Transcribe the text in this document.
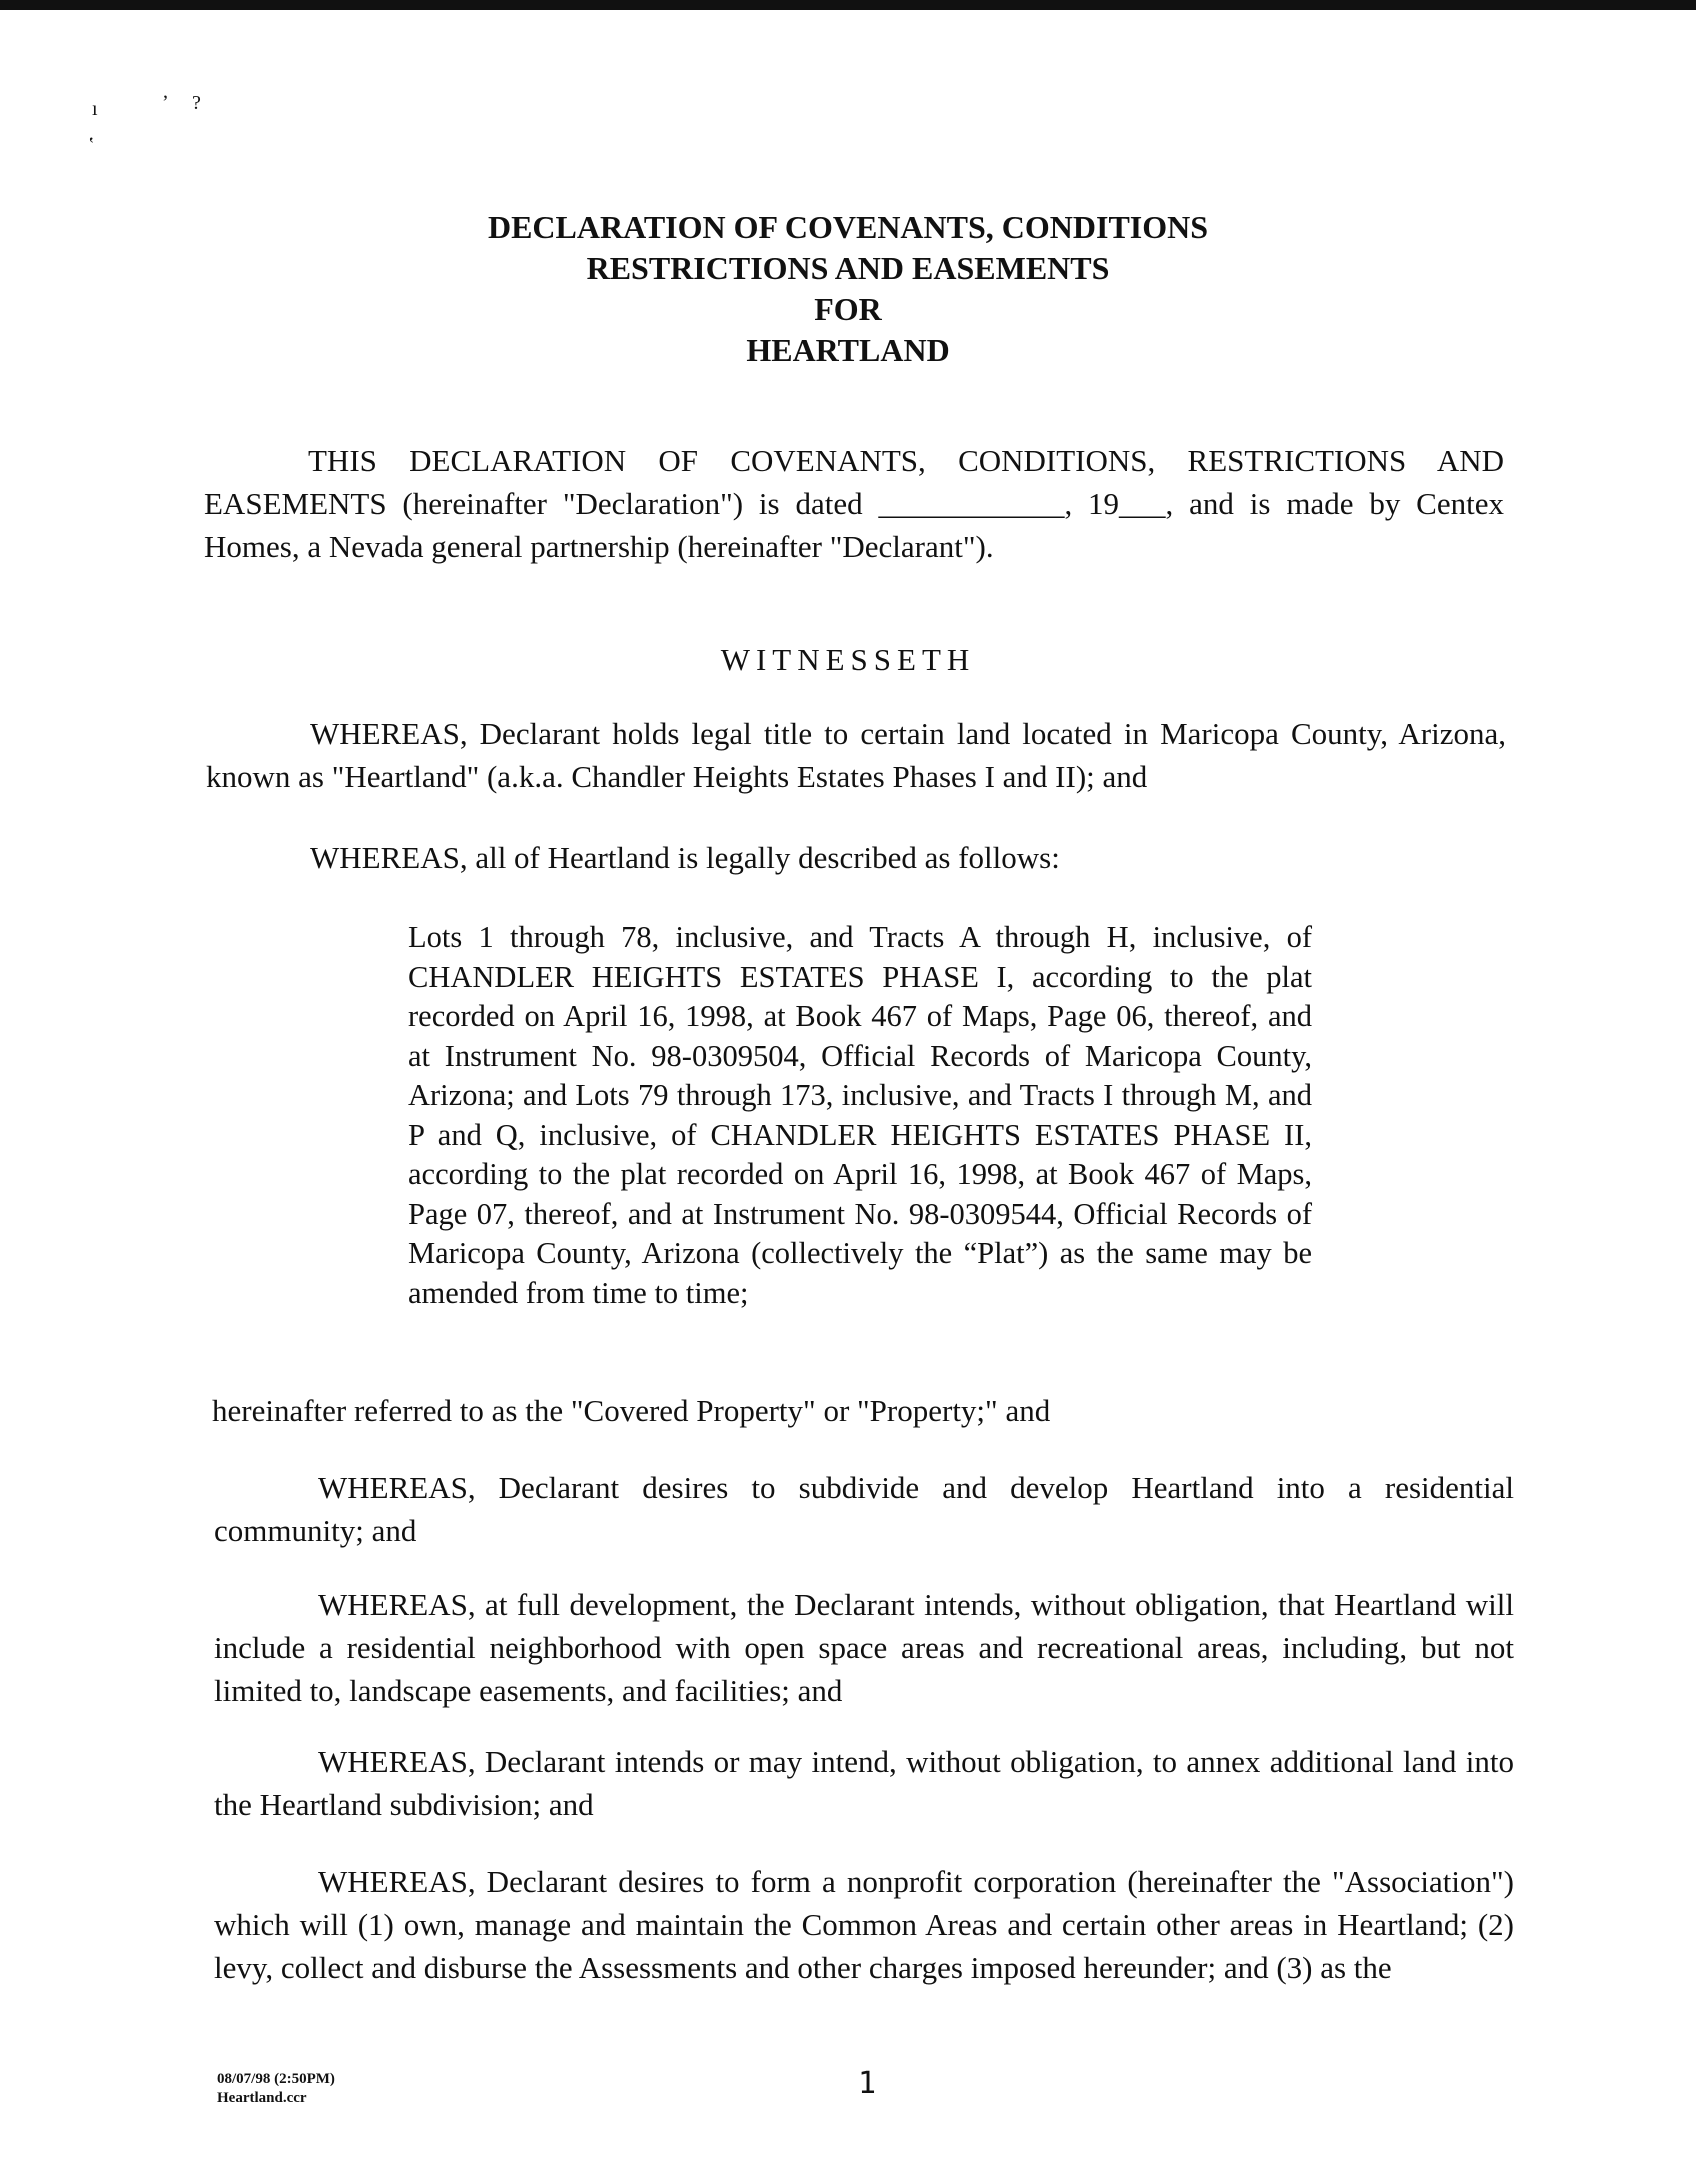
ı	ʼ ?
ʽ
DECLARATION OF COVENANTS, CONDITIONS
RESTRICTIONS AND EASEMENTS
FOR
HEARTLAND

THIS DECLARATION OF COVENANTS, CONDITIONS, RESTRICTIONS AND EASEMENTS (hereinafter "Declaration") is dated ____________, 19___, and is made by Centex Homes, a Nevada general partnership (hereinafter "Declarant").

WITNESSETH

WHEREAS, Declarant holds legal title to certain land located in Maricopa County, Arizona, known as "Heartland" (a.k.a. Chandler Heights Estates Phases I and II); and

WHEREAS, all of Heartland is legally described as follows:

Lots 1 through 78, inclusive, and Tracts A through H, inclusive, of CHANDLER HEIGHTS ESTATES PHASE I, according to the plat recorded on April 16, 1998, at Book 467 of Maps, Page 06, thereof, and at Instrument No. 98-0309504, Official Records of Maricopa County, Arizona; and Lots 79 through 173, inclusive, and Tracts I through M, and P and Q, inclusive, of CHANDLER HEIGHTS ESTATES PHASE II, according to the plat recorded on April 16, 1998, at Book 467 of Maps, Page 07, thereof, and at Instrument No. 98-0309544, Official Records of Maricopa County, Arizona (collectively the “Plat”) as the same may be amended from time to time;

hereinafter referred to as the "Covered Property" or "Property;" and

WHEREAS, Declarant desires to subdivide and develop Heartland into a residential community; and

WHEREAS, at full development, the Declarant intends, without obligation, that Heartland will include a residential neighborhood with open space areas and recreational areas, including, but not limited to, landscape easements, and facilities; and

WHEREAS, Declarant intends or may intend, without obligation, to annex additional land into the Heartland subdivision; and

WHEREAS, Declarant desires to form a nonprofit corporation (hereinafter the "Association") which will (1) own, manage and maintain the Common Areas and certain other areas in Heartland; (2) levy, collect and disburse the Assessments and other charges imposed hereunder; and (3) as the

08/07/98 (2:50PM)
Heartland.ccr	1
